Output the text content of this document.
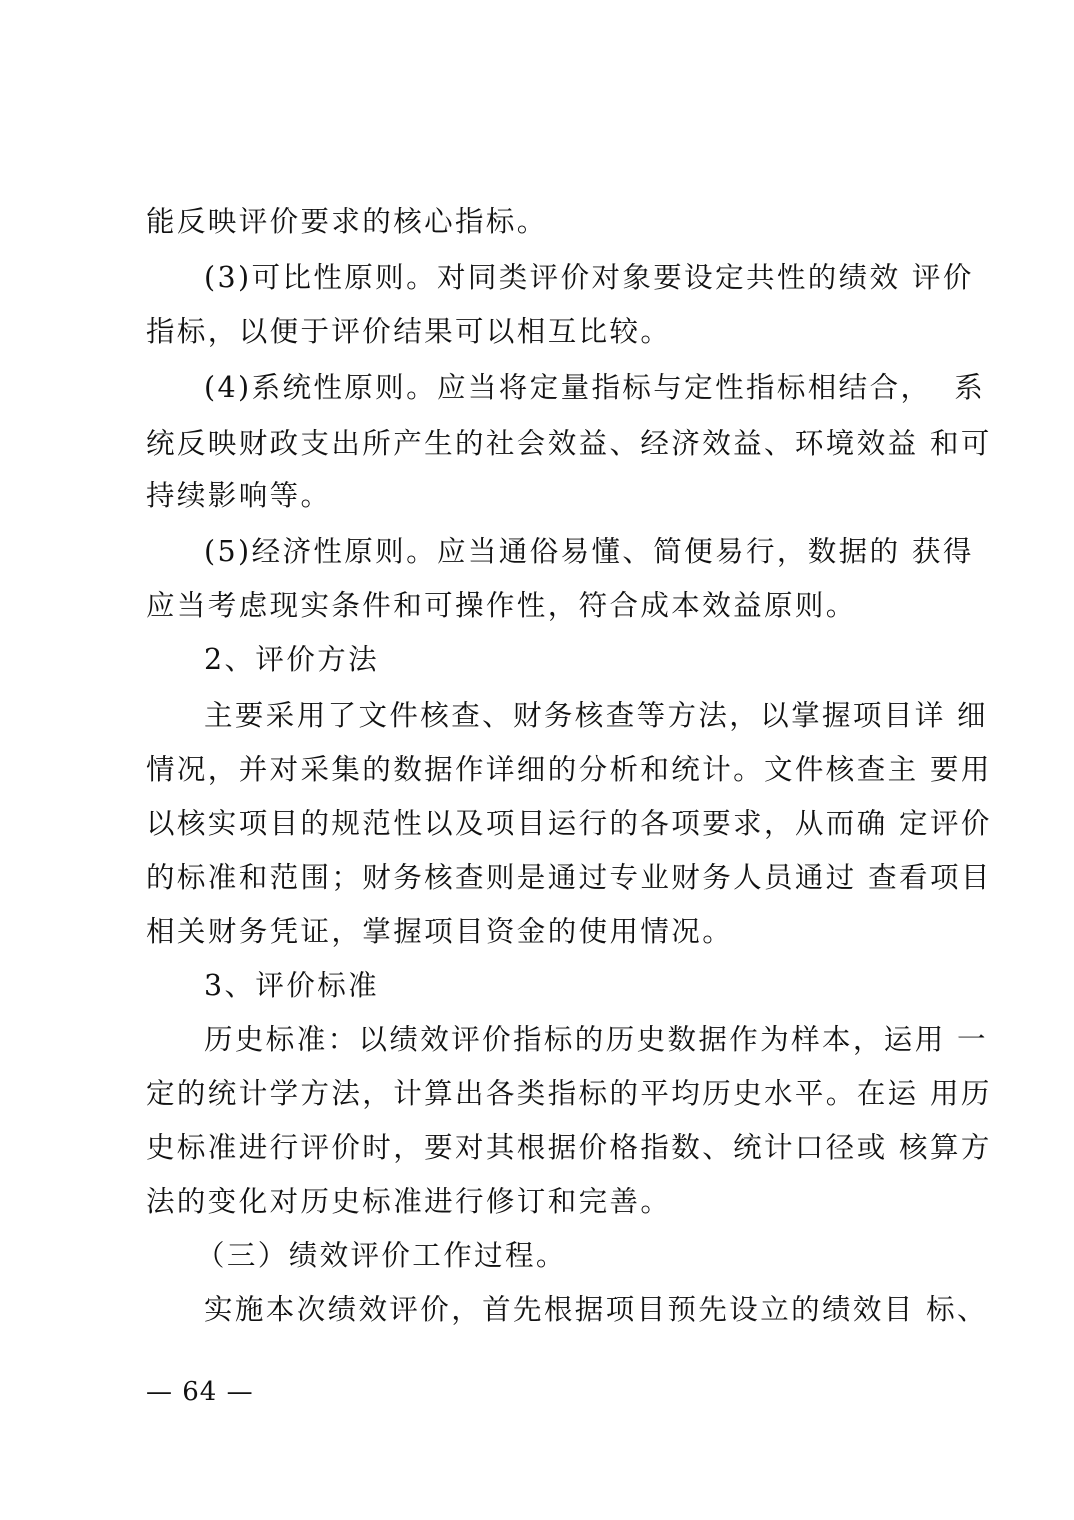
能反映评价要求的核心指标。
(3)可比性原则。对同类评价对象要设定共性的绩效 评价
指标，以便于评价结果可以相互比较。
(4)系统性原则。应当将定量指标与定性指标相结合，  系
统反映财政支出所产生的社会效益、经济效益、环境效益 和可
持续影响等。
(5)经济性原则。应当通俗易懂、简便易行，数据的 获得
应当考虑现实条件和可操作性，符合成本效益原则。
2、评价方法
主要采用了文件核查、财务核查等方法，以掌握项目详 细
情况，并对采集的数据作详细的分析和统计。文件核查主 要用
以核实项目的规范性以及项目运行的各项要求，从而确 定评价
的标准和范围；财务核查则是通过专业财务人员通过 查看项目
相关财务凭证，掌握项目资金的使用情况。
3、评价标准
历史标准：以绩效评价指标的历史数据作为样本，运用 一
定的统计学方法，计算出各类指标的平均历史水平。在运 用历
史标准进行评价时，要对其根据价格指数、统计口径或 核算方
法的变化对历史标准进行修订和完善。
（三）绩效评价工作过程。
实施本次绩效评价，首先根据项目预先设立的绩效目 标、
— 64 —
